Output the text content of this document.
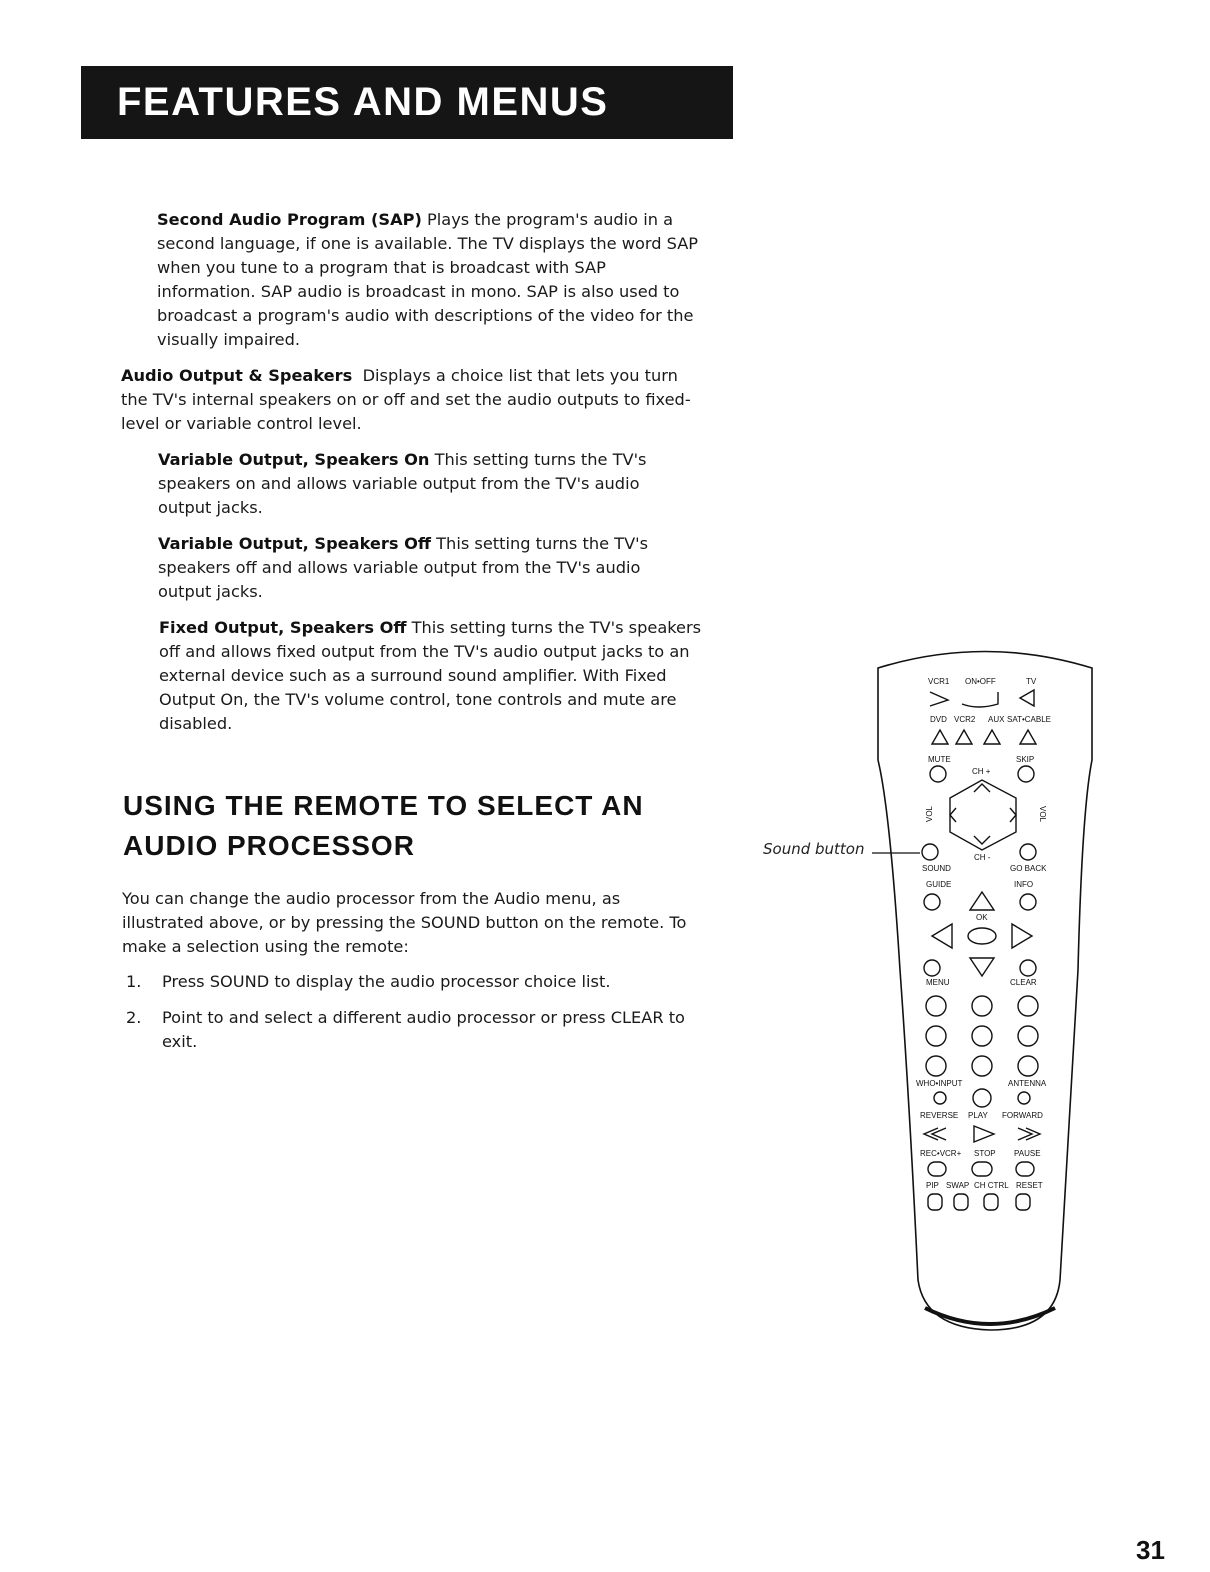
FEATURES AND MENUS

Second Audio Program (SAP) Plays the program's audio in a second language, if one is available. The TV displays the word SAP when you tune to a program that is broadcast with SAP information. SAP audio is broadcast in mono. SAP is also used to broadcast a program's audio with descriptions of the video for the visually impaired.

Audio Output & Speakers Displays a choice list that lets you turn the TV's internal speakers on or off and set the audio outputs to fixed-level or variable control level.

Variable Output, Speakers On This setting turns the TV's speakers on and allows variable output from the TV's audio output jacks.

Variable Output, Speakers Off This setting turns the TV's speakers off and allows variable output from the TV's audio output jacks.

Fixed Output, Speakers Off This setting turns the TV's speakers off and allows fixed output from the TV's audio output jacks to an external device such as a surround sound amplifier. With Fixed Output On, the TV's volume control, tone controls and mute are disabled.

USING THE REMOTE TO SELECT AN AUDIO PROCESSOR

You can change the audio processor from the Audio menu, as illustrated above, or by pressing the SOUND button on the remote. To make a selection using the remote:

1. Press SOUND to display the audio processor choice list.
2. Point to and select a different audio processor or press CLEAR to exit.
Sound button
VCR1 ON•OFF	TV
DVD VCR2 AUX SAT•CABLE
MUTE	SKIP
CH +
VOL	VOL
CH -
SOUND	GO BACK
GUIDE	INFO
OK
MENU	CLEAR
WHO•INPUT	ANTENNA
REVERSE PLAY FORWARD
REC•VCR+ STOP PAUSE
PIP SWAP CH CTRL RESET
31
